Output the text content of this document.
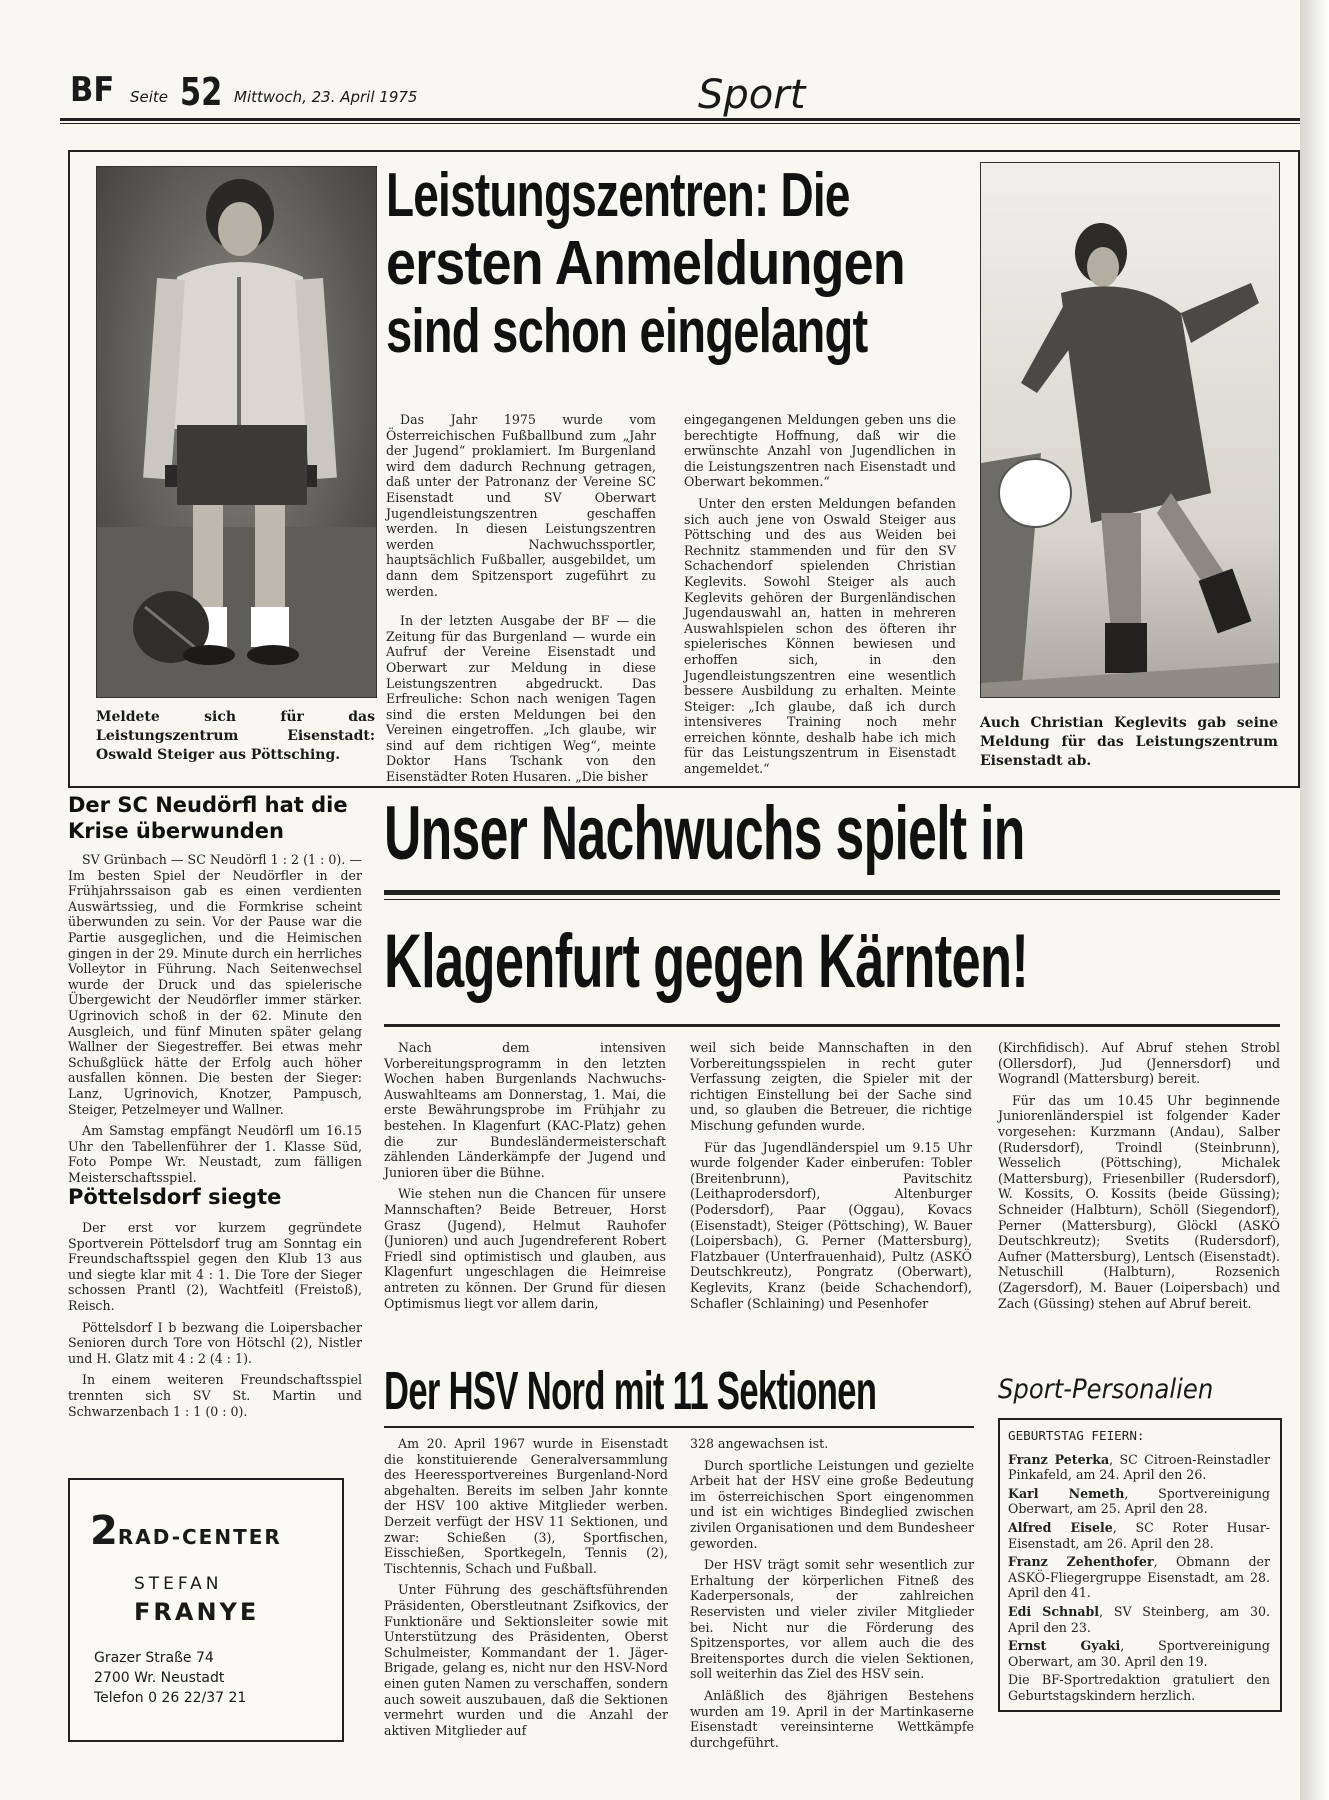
BF Seite 52 Mittwoch, 23. April 1975	Sport
Meldete sich für das Leistungszentrum Eisenstadt: Oswald Steiger aus Pöttsching.
Leistungszentren: Die
ersten Anmeldungen
sind schon eingelangt

Das Jahr 1975 wurde vom Österreichischen Fußballbund zum „Jahr der Jugend“ proklamiert. Im Burgenland wird dem dadurch Rechnung getragen, daß unter der Patronanz der Vereine SC Eisenstadt und SV Oberwart Jugendleistungszentren geschaffen werden. In diesen Leistungszentren werden Nachwuchssportler, hauptsächlich Fußballer, ausgebildet, um dann dem Spitzensport zugeführt zu werden.

In der letzten Ausgabe der BF — die Zeitung für das Burgenland — wurde ein Aufruf der Vereine Eisenstadt und Oberwart zur Meldung in diese Leistungszentren abgedruckt. Das Erfreuliche: Schon nach wenigen Tagen sind die ersten Meldungen bei den Vereinen eingetroffen. „Ich glaube, wir sind auf dem richtigen Weg“, meinte Doktor Hans Tschank von den Eisenstädter Roten Husaren. „Die bisher

eingegangenen Meldungen geben uns die berechtigte Hoffnung, daß wir die erwünschte Anzahl von Jugendlichen in die Leistungszentren nach Eisenstadt und Oberwart bekommen.“

Unter den ersten Meldungen befanden sich auch jene von Oswald Steiger aus Pöttsching und des aus Weiden bei Rechnitz stammenden und für den SV Schachendorf spielenden Christian Keglevits. Sowohl Steiger als auch Keglevits gehören der Burgenländischen Jugendauswahl an, hatten in mehreren Auswahlspielen schon des öfteren ihr spielerisches Können bewiesen und erhoffen sich, in den Jugendleistungszentren eine wesentlich bessere Ausbildung zu erhalten. Meinte Steiger: „Ich glaube, daß ich durch intensiveres Training noch mehr erreichen könnte, deshalb habe ich mich für das Leistungszentrum in Eisenstadt angemeldet.“

Auch Christian Keglevits gab seine Meldung für das Leistungszentrum Eisenstadt ab.
Der SC Neudörfl hat die Krise überwunden

SV Grünbach — SC Neudörfl 1 : 2 (1 : 0). — Im besten Spiel der Neudörfler in der Frühjahrssaison gab es einen verdienten Auswärtssieg, und die Formkrise scheint überwunden zu sein. Vor der Pause war die Partie ausgeglichen, und die Heimischen gingen in der 29. Minute durch ein herrliches Volleytor in Führung. Nach Seitenwechsel wurde der Druck und das spielerische Übergewicht der Neudörfler immer stärker. Ugrinovich schoß in der 62. Minute den Ausgleich, und fünf Minuten später gelang Wallner der Siegestreffer. Bei etwas mehr Schußglück hätte der Erfolg auch höher ausfallen können. Die besten der Sieger: Lanz, Ugrinovich, Knotzer, Pampusch, Steiger, Petzelmeyer und Wallner.

Am Samstag empfängt Neudörfl um 16.15 Uhr den Tabellenführer der 1. Klasse Süd, Foto Pompe Wr. Neustadt, zum fälligen Meisterschaftsspiel.

Pöttelsdorf siegte

Der erst vor kurzem gegründete Sportverein Pöttelsdorf trug am Sonntag ein Freundschaftsspiel gegen den Klub 13 aus und siegte klar mit 4 : 1. Die Tore der Sieger schossen Prantl (2), Wachtfeitl (Freistoß), Reisch.

Pöttelsdorf I b bezwang die Loipersbacher Senioren durch Tore von Hötschl (2), Nistler und H. Glatz mit 4 : 2 (4 : 1).

In einem weiteren Freundschaftsspiel trennten sich SV St. Martin und Schwarzenbach 1 : 1 (0 : 0).

2RAD-CENTER
STEFAN
FRANYE
Grazer Straße 74
2700 Wr. Neustadt
Telefon 0 26 22/37 21
Unser Nachwuchs spielt in
Klagenfurt gegen Kärnten!

Nach dem intensiven Vorbereitungsprogramm in den letzten Wochen haben Burgenlands Nachwuchs-Auswahlteams am Donnerstag, 1. Mai, die erste Bewährungsprobe im Frühjahr zu bestehen. In Klagenfurt (KAC-Platz) gehen die zur Bundesländermeisterschaft zählenden Länderkämpfe der Jugend und Junioren über die Bühne.

Wie stehen nun die Chancen für unsere Mannschaften? Beide Betreuer, Horst Grasz (Jugend), Helmut Rauhofer (Junioren) und auch Jugendreferent Robert Friedl sind optimistisch und glauben, aus Klagenfurt ungeschlagen die Heimreise antreten zu können. Der Grund für diesen Optimismus liegt vor allem darin,

weil sich beide Mannschaften in den Vorbereitungsspielen in recht guter Verfassung zeigten, die Spieler mit der richtigen Einstellung bei der Sache sind und, so glauben die Betreuer, die richtige Mischung gefunden wurde.

Für das Jugendländerspiel um 9.15 Uhr wurde folgender Kader einberufen: Tobler (Breitenbrunn), Pavitschitz (Leithaprodersdorf), Altenburger (Podersdorf), Paar (Oggau), Kovacs (Eisenstadt), Steiger (Pöttsching), W. Bauer (Loipersbach), G. Perner (Mattersburg), Flatzbauer (Unterfrauenhaid), Pultz (ASKÖ Deutschkreutz), Pongratz (Oberwart), Keglevits, Kranz (beide Schachendorf), Schafler (Schlaining) und Pesenhofer

(Kirchfidisch). Auf Abruf stehen Strobl (Ollersdorf), Jud (Jennersdorf) und Wograndl (Mattersburg) bereit.

Für das um 10.45 Uhr beginnende Juniorenländerspiel ist folgender Kader vorgesehen: Kurzmann (Andau), Salber (Rudersdorf), Troindl (Steinbrunn), Wesselich (Pöttsching), Michalek (Mattersburg), Friesenbiller (Rudersdorf), W. Kossits, O. Kossits (beide Güssing); Schneider (Halbturn), Schöll (Siegendorf), Perner (Mattersburg), Glöckl (ASKÖ Deutschkreutz); Svetits (Rudersdorf), Aufner (Mattersburg), Lentsch (Eisenstadt). Netuschill (Halbturn), Rozsenich (Zagersdorf), M. Bauer (Loipersbach) und Zach (Güssing) stehen auf Abruf bereit.

Der HSV Nord mit 11 Sektionen

Am 20. April 1967 wurde in Eisenstadt die konstituierende Generalversammlung des Heeressportvereines Burgenland-Nord abgehalten. Bereits im selben Jahr konnte der HSV 100 aktive Mitglieder werben. Derzeit verfügt der HSV 11 Sektionen, und zwar: Schießen (3), Sportfischen, Eisschießen, Sportkegeln, Tennis (2), Tischtennis, Schach und Fußball.

Unter Führung des geschäftsführenden Präsidenten, Oberstleutnant Zsifkovics, der Funktionäre und Sektionsleiter sowie mit Unterstützung des Präsidenten, Oberst Schulmeister, Kommandant der 1. Jäger-Brigade, gelang es, nicht nur den HSV-Nord einen guten Namen zu verschaffen, sondern auch soweit auszubauen, daß die Sektionen vermehrt wurden und die Anzahl der aktiven Mitglieder auf

328 angewachsen ist.

Durch sportliche Leistungen und gezielte Arbeit hat der HSV eine große Bedeutung im österreichischen Sport eingenommen und ist ein wichtiges Bindeglied zwischen zivilen Organisationen und dem Bundesheer geworden.

Der HSV trägt somit sehr wesentlich zur Erhaltung der körperlichen Fitneß des Kaderpersonals, der zahlreichen Reservisten und vieler ziviler Mitglieder bei. Nicht nur die Förderung des Spitzensportes, vor allem auch die des Breitensportes durch die vielen Sektionen, soll weiterhin das Ziel des HSV sein.

Anläßlich des 8jährigen Bestehens wurden am 19. April in der Martinkaserne Eisenstadt vereinsinterne Wettkämpfe durchgeführt.

Sport-Personalien
GEBURTSTAG FEIERN:
Franz Peterka, SC Citroen-Reinstadler Pinkafeld, am 24. April den 26.
Karl Nemeth, Sportvereinigung Oberwart, am 25. April den 28.
Alfred Eisele, SC Roter Husar-Eisenstadt, am 26. April den 28.
Franz Zehenthofer, Obmann der ASKÖ-Fliegergruppe Eisenstadt, am 28. April den 41.
Edi Schnabl, SV Steinberg, am 30. April den 23.
Ernst Gyaki, Sportvereinigung Oberwart, am 30. April den 19.
Die BF-Sportredaktion gratuliert den Geburtstagskindern herzlich.
